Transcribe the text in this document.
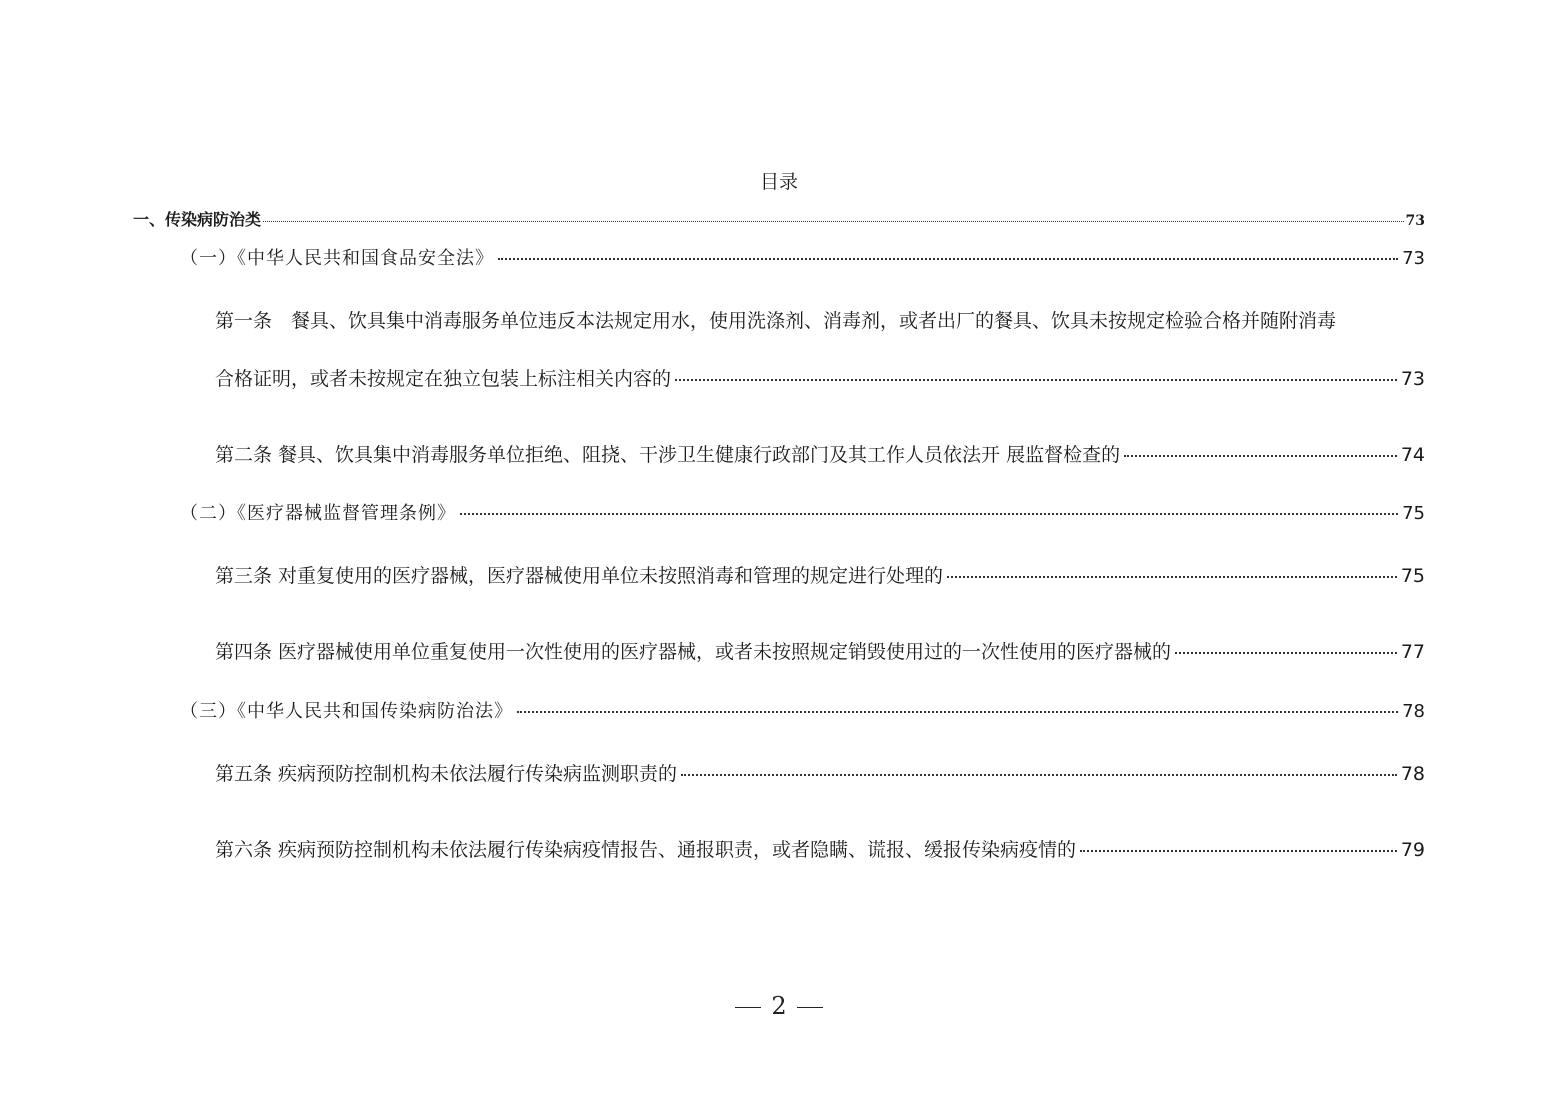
目录
一、传染病防治类	73
（一）《中华人民共和国食品安全法》	73
第一条　餐具、饮具集中消毒服务单位违反本法规定用水，使用洗涤剂、消毒剂，或者出厂的餐具、饮具未按规定检验合格并随附消毒
合格证明，或者未按规定在独立包装上标注相关内容的	73
第二条 餐具、饮具集中消毒服务单位拒绝、阻挠、干涉卫生健康行政部门及其工作人员依法开 展监督检查的	74
（二）《医疗器械监督管理条例》	75
第三条 对重复使用的医疗器械，医疗器械使用单位未按照消毒和管理的规定进行处理的	75
第四条 医疗器械使用单位重复使用一次性使用的医疗器械，或者未按照规定销毁使用过的一次性使用的医疗器械的	77
（三）《中华人民共和国传染病防治法》	78
第五条 疾病预防控制机构未依法履行传染病监测职责的	78
第六条 疾病预防控制机构未依法履行传染病疫情报告、通报职责，或者隐瞒、谎报、缓报传染病疫情的	79
2
